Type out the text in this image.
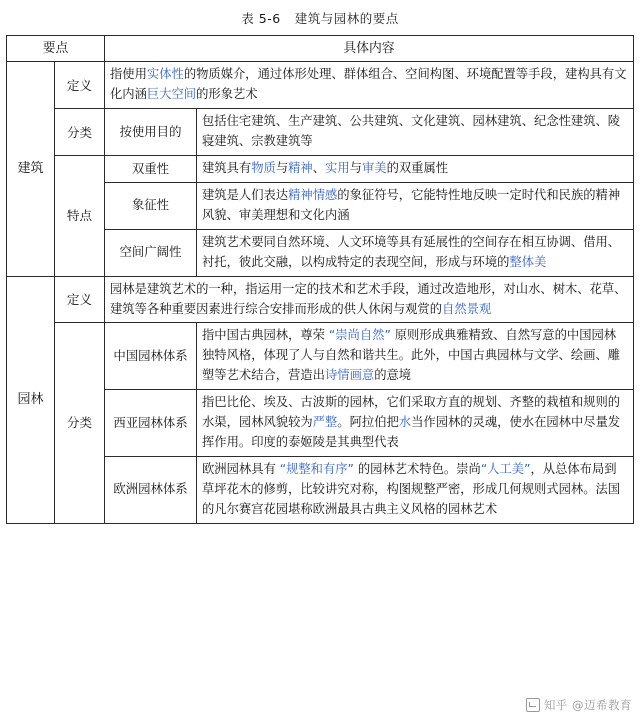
表 5-6 建筑与园林的要点
要点		具体内容	
建筑	定义	指使用实体性的物质媒介，通过体形处理、群体组合、空间构图、环境配置等手段，建构具有文化内涵巨大空间的形象艺术	
	分类	按使用目的	包括住宅建筑、生产建筑、公共建筑、文化建筑、园林建筑、纪念性建筑、陵寝建筑、宗教建筑等
	特点	双重性	建筑具有物质与精神、实用与审美的双重属性
		象征性	建筑是人们表达精神情感的象征符号，它能特性地反映一定时代和民族的精神风貌、审美理想和文化内涵
		空间广阔性	建筑艺术要同自然环境、人文环境等具有延展性的空间存在相互协调、借用、衬托，彼此交融，以构成特定的表现空间，形成与环境的整体美
园林	定义	园林是建筑艺术的一种，指运用一定的技术和艺术手段，通过改造地形，对山水、树木、花草、建筑等各种重要因素进行综合安排而形成的供人休闲与观赏的自然景观	
	分类	中国园林体系	指中国古典园林，尊荣 “崇尚自然” 原则形成典雅精致、自然写意的中国园林独特风格，体现了人与自然和谐共生。此外，中国古典园林与文学、绘画、雕塑等艺术结合，营造出诗情画意的意境
		西亚园林体系	指巴比伦、埃及、古波斯的园林，它们采取方直的规划、齐整的栽植和规则的水渠，园林风貌较为严整。阿拉伯把水当作园林的灵魂，使水在园林中尽量发挥作用。印度的泰姬陵是其典型代表
		欧洲园林体系	欧洲园林具有 “规整和有序” 的园林艺术特色。崇尚“人工美”，从总体布局到草坪花木的修剪，比较讲究对称，构图规整严密，形成几何规则式园林。法国的凡尔赛宫花园堪称欧洲最具古典主义风格的园林艺术
知乎 @迈希教育
